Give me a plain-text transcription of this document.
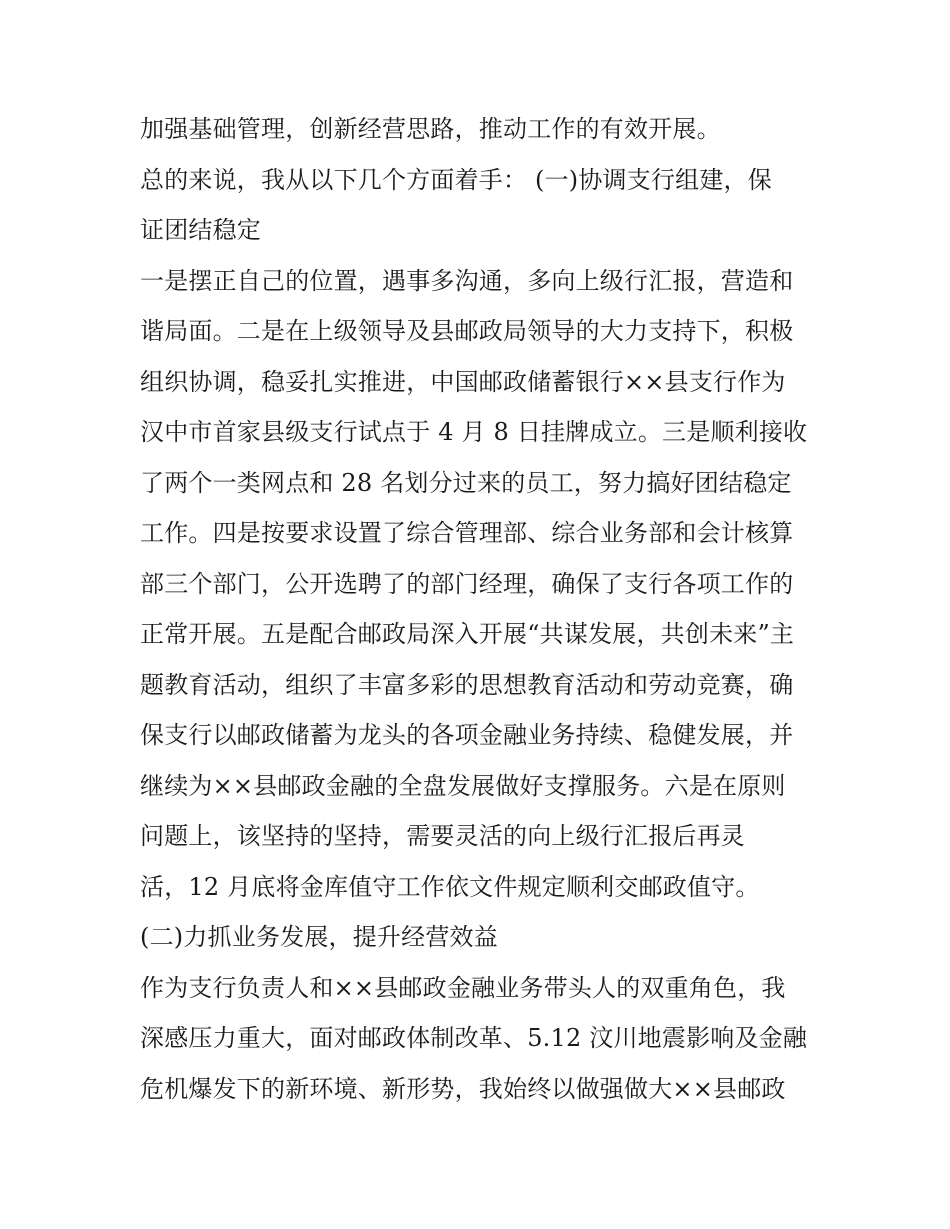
加强基础管理，创新经营思路，推动工作的有效开展。

总的来说，我从以下几个方面着手： (一)协调支行组建，保

证团结稳定

一是摆正自己的位置，遇事多沟通，多向上级行汇报，营造和

谐局面。二是在上级领导及县邮政局领导的大力支持下，积极

组织协调，稳妥扎实推进，中国邮政储蓄银行××县支行作为

汉中市首家县级支行试点于 4 月 8 日挂牌成立。三是顺利接收

了两个一类网点和 28 名划分过来的员工，努力搞好团结稳定

工作。四是按要求设置了综合管理部、综合业务部和会计核算

部三个部门，公开选聘了的部门经理，确保了支行各项工作的

正常开展。五是配合邮政局深入开展“共谋发展，共创未来”主

题教育活动，组织了丰富多彩的思想教育活动和劳动竞赛，确

保支行以邮政储蓄为龙头的各项金融业务持续、稳健发展，并

继续为××县邮政金融的全盘发展做好支撑服务。六是在原则

问题上，该坚持的坚持，需要灵活的向上级行汇报后再灵

活，12 月底将金库值守工作依文件规定顺利交邮政值守。

(二)力抓业务发展，提升经营效益

作为支行负责人和××县邮政金融业务带头人的双重角色，我

深感压力重大，面对邮政体制改革、5.12 汶川地震影响及金融

危机爆发下的新环境、新形势，我始终以做强做大××县邮政
